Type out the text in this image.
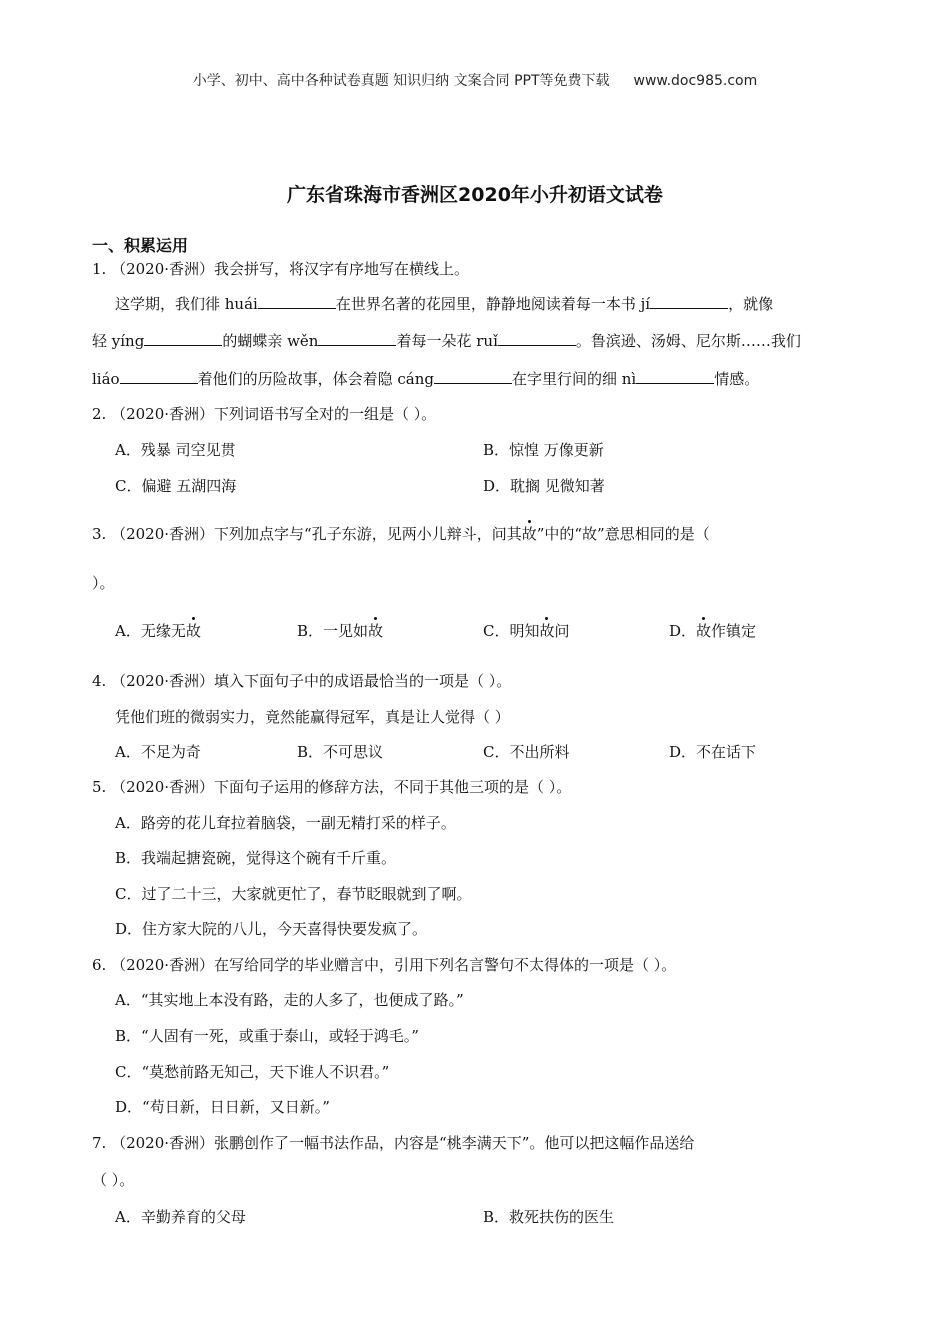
小学、初中、高中各种试卷真题 知识归纳 文案合同 PPT等免费下载 www.doc985.com
广东省珠海市香洲区2020年小升初语文试卷
一、积累运用
1. （2020·香洲）我会拼写，将汉字有序地写在横线上。
这学期，我们徘 huái	在世界名著的花园里，静静地阅读着每一本书 jí	，就像
轻 yíng	的蝴蝶亲 wěn	着每一朵花 ruǐ	。鲁滨逊、汤姆、尼尔斯……我们
liáo	着他们的历险故事，体会着隐 cáng	在字里行间的细 nì	情感。
2. （2020·香洲）下列词语书写全对的一组是（ ）。
A．残暴 司空见贯	B．惊惶 万像更新
C．偏避 五湖四海	D．耽搁 见微知著
3. （2020·香洲）下列加点字与“孔子东游，见两小儿辩斗，问其故”中的“故”意思相同的是（
）。
A．无缘无故	B．一见如故	C．明知故问	D．故作镇定
4. （2020·香洲）填入下面句子中的成语最恰当的一项是（ ）。
凭他们班的微弱实力，竟然能赢得冠军，真是让人觉得（ ）
A．不足为奇	B．不可思议	C．不出所料	D．不在话下
5. （2020·香洲）下面句子运用的修辞方法，不同于其他三项的是（ ）。
A．路旁的花儿耷拉着脑袋，一副无精打采的样子。
B．我端起搪瓷碗，觉得这个碗有千斤重。
C．过了二十三，大家就更忙了，春节眨眼就到了啊。
D．住方家大院的八儿，今天喜得快要发疯了。
6. （2020·香洲）在写给同学的毕业赠言中，引用下列名言警句不太得体的一项是（ ）。
A．“其实地上本没有路，走的人多了，也便成了路。”
B．“人固有一死，或重于泰山，或轻于鸿毛。”
C．“莫愁前路无知己，天下谁人不识君。”
D．“苟日新，日日新，又日新。”
7. （2020·香洲）张鹏创作了一幅书法作品，内容是“桃李满天下”。他可以把这幅作品送给
（ ）。
A．辛勤养育的父母	B．救死扶伤的医生
